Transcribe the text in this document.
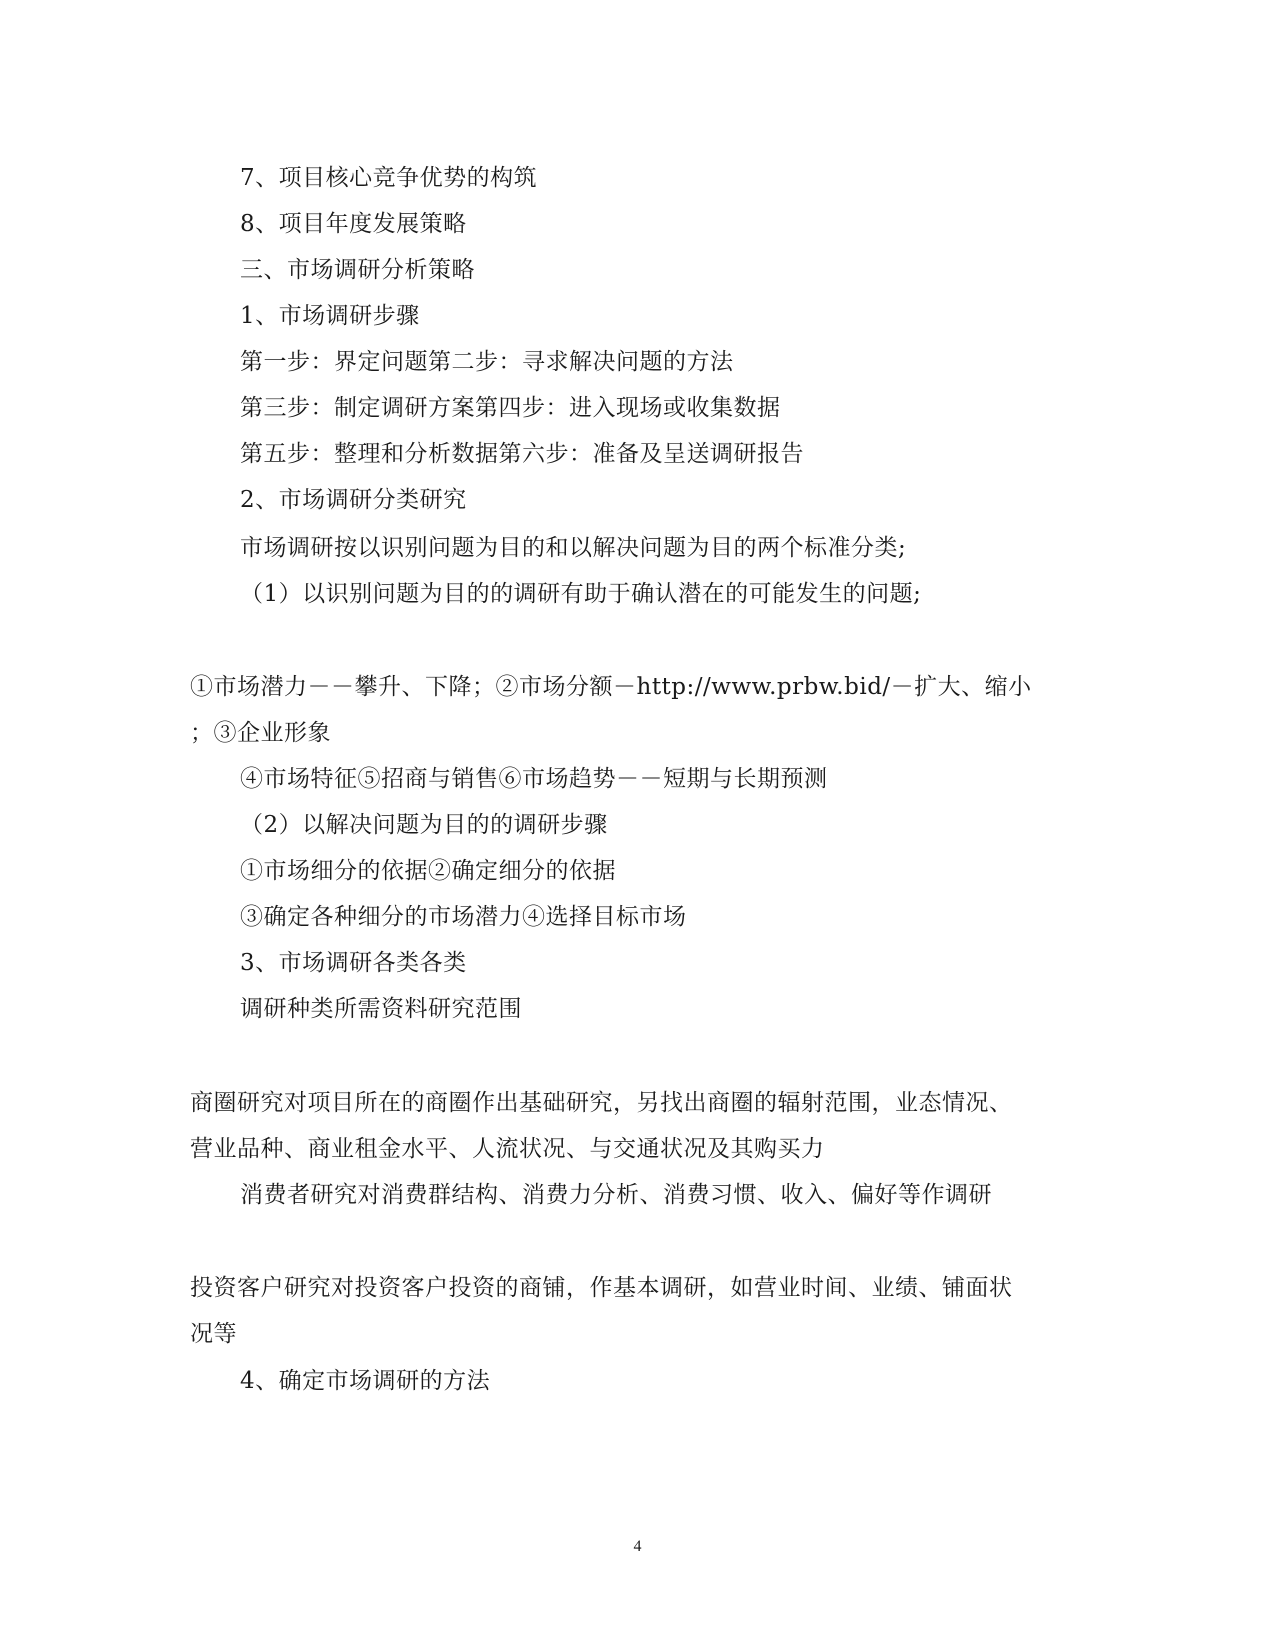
7、项目核心竞争优势的构筑
8、项目年度发展策略
三、市场调研分析策略
1、市场调研步骤
第一步：界定问题第二步：寻求解决问题的方法
第三步：制定调研方案第四步：进入现场或收集数据
第五步：整理和分析数据第六步：准备及呈送调研报告
2、市场调研分类研究
市场调研按以识别问题为目的和以解决问题为目的两个标准分类;
（1）以识别问题为目的的调研有助于确认潜在的可能发生的问题;
①市场潜力－－攀升、下降；②市场分额－http://www.prbw.bid/－扩大、缩小
；③企业形象
④市场特征⑤招商与销售⑥市场趋势－－短期与长期预测
（2）以解决问题为目的的调研步骤
①市场细分的依据②确定细分的依据
③确定各种细分的市场潜力④选择目标市场
3、市场调研各类各类
调研种类所需资料研究范围
商圈研究对项目所在的商圈作出基础研究，另找出商圈的辐射范围，业态情况、
营业品种、商业租金水平、人流状况、与交通状况及其购买力
消费者研究对消费群结构、消费力分析、消费习惯、收入、偏好等作调研
投资客户研究对投资客户投资的商铺，作基本调研，如营业时间、业绩、铺面状
况等
4、确定市场调研的方法
4
